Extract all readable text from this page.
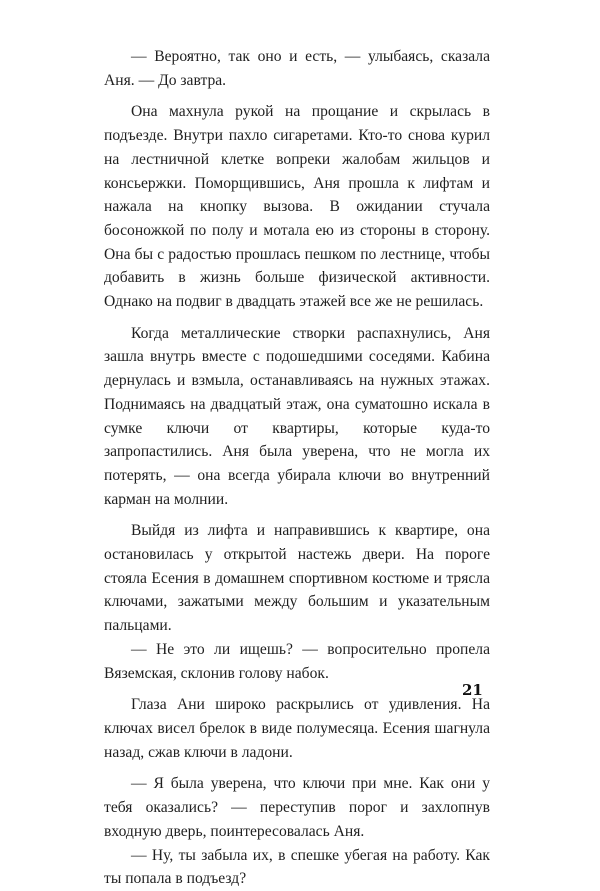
— Вероятно, так оно и есть, — улыбаясь, сказала Аня. — До завтра.

Она махнула рукой на прощание и скрылась в подъезде. Внутри пахло сигаретами. Кто-то снова курил на лестничной клетке вопреки жалобам жильцов и консьержки. Поморщившись, Аня прошла к лифтам и нажала на кнопку вызова. В ожидании стучала босоножкой по полу и мотала ею из стороны в сторону. Она бы с радостью прошлась пешком по лестнице, чтобы добавить в жизнь больше физической активности. Однако на подвиг в двадцать этажей все же не решилась.

Когда металлические створки распахнулись, Аня зашла внутрь вместе с подошедшими соседями. Кабина дернулась и взмыла, останавливаясь на нужных этажах. Поднимаясь на двадцатый этаж, она суматошно искала в сумке ключи от квартиры, которые куда-то запропастились. Аня была уверена, что не могла их потерять, — она всегда убирала ключи во внутренний карман на молнии.

Выйдя из лифта и направившись к квартире, она остановилась у открытой настежь двери. На пороге стояла Есения в домашнем спортивном костюме и трясла ключами, зажатыми между большим и указательным пальцами.

— Не это ли ищешь? — вопросительно пропела Вяземская, склонив голову набок.

Глаза Ани широко раскрылись от удивления. На ключах висел брелок в виде полумесяца. Есения шагнула назад, сжав ключи в ладони.

— Я была уверена, что ключи при мне. Как они у тебя оказались? — переступив порог и захлопнув входную дверь, поинтересовалась Аня.

— Ну, ты забыла их, в спешке убегая на работу. Как ты попала в подъезд?

21
